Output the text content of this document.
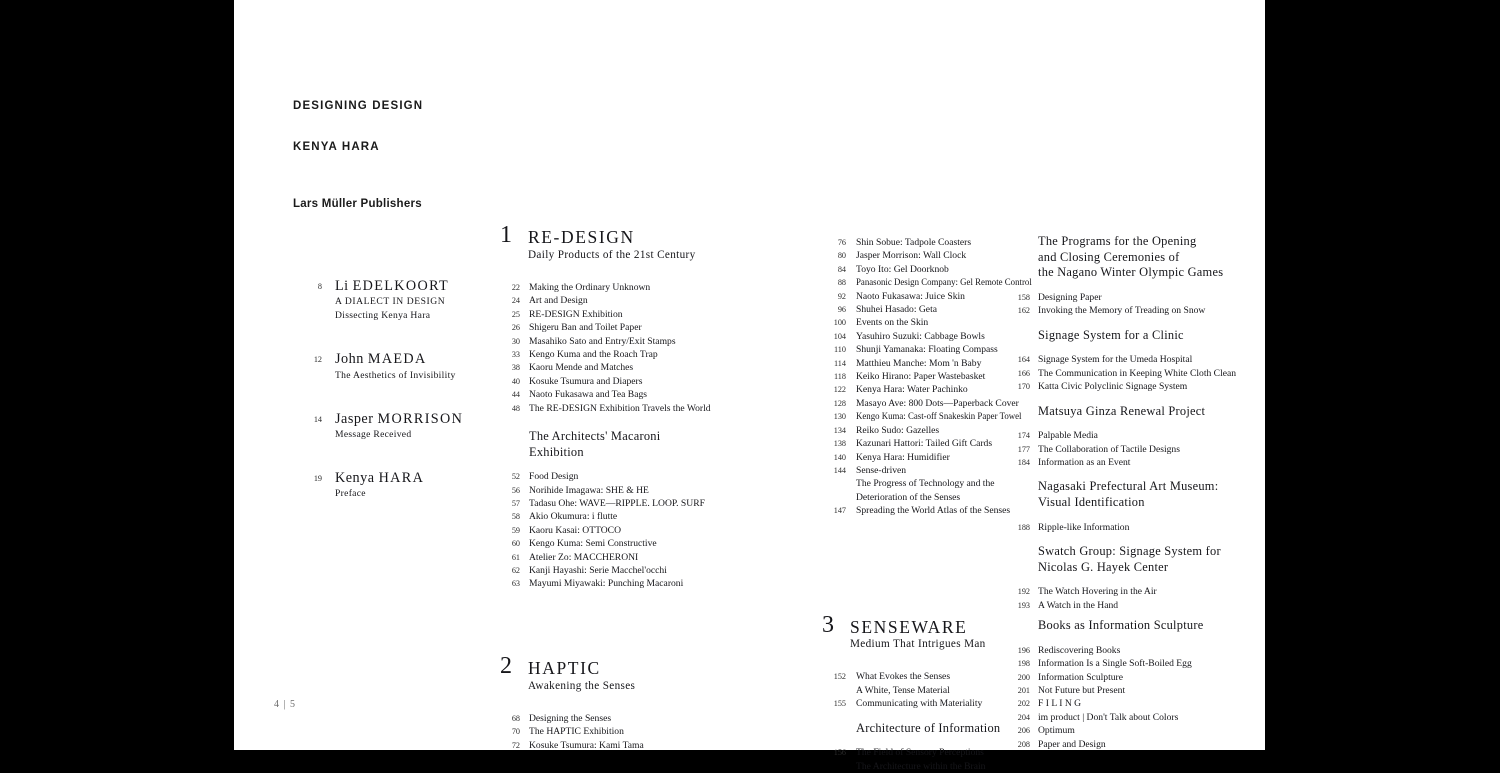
DESIGNING DESIGN
KENYA HARA
Lars Müller Publishers
8 Li EDELKOORT
A DIALECT IN DESIGN
Dissecting Kenya Hara
12 John MAEDA
The Aesthetics of Invisibility
14 Jasper MORRISON
Message Received
19 Kenya HARA
Preface
1 RE-DESIGN
Daily Products of the 21st Century
22 Making the Ordinary Unknown
24 Art and Design
25 RE-DESIGN Exhibition
26 Shigeru Ban and Toilet Paper
30 Masahiko Sato and Entry/Exit Stamps
33 Kengo Kuma and the Roach Trap
38 Kaoru Mende and Matches
40 Kosuke Tsumura and Diapers
44 Naoto Fukasawa and Tea Bags
48 The RE-DESIGN Exhibition Travels the World
The Architects' Macaroni Exhibition
52 Food Design
56 Norihide Imagawa: SHE & HE
57 Tadasu Ohe: WAVE—RIPPLE. LOOP. SURF
58 Akio Okumura: i flutte
59 Kaoru Kasai: OTTOCO
60 Kengo Kuma: Semi Constructive
61 Atelier Zo: MACCHERONI
62 Kanji Hayashi: Serie Macchel'occhi
63 Mayumi Miyawaki: Punching Macaroni
2 HAPTIC
Awakening the Senses
68 Designing the Senses
70 The HAPTIC Exhibition
72 Kosuke Tsumura: Kami Tama
76 Shin Sobue: Tadpole Coasters
80 Jasper Morrison: Wall Clock
84 Toyo Ito: Gel Doorknob
88 Panasonic Design Company: Gel Remote Control
92 Naoto Fukasawa: Juice Skin
96 Shuhei Hasado: Geta
100 Events on the Skin
104 Yasuhiro Suzuki: Cabbage Bowls
110 Shunji Yamanaka: Floating Compass
114 Matthieu Manche: Mom 'n Baby
118 Keiko Hirano: Paper Wastebasket
122 Kenya Hara: Water Pachinko
128 Masayo Ave: 800 Dots—Paperback Cover
130 Kengo Kuma: Cast-off Snakeskin Paper Towel
134 Reiko Sudo: Gazelles
138 Kazunari Hattori: Tailed Gift Cards
140 Kenya Hara: Humidifier
144 Sense-driven
The Progress of Technology and the
Deterioration of the Senses
147 Spreading the World Atlas of the Senses
3 SENSEWARE
Medium That Intrigues Man
152 What Evokes the Senses
A White, Tense Material
155 Communicating with Materiality
Architecture of Information
156 The Field of Sensory Perceptions
The Architecture within the Brain
The Programs for the Opening
and Closing Ceremonies of
the Nagano Winter Olympic Games
158 Designing Paper
162 Invoking the Memory of Treading on Snow
Signage System for a Clinic
164 Signage System for the Umeda Hospital
166 The Communication in Keeping White Cloth Clean
170 Katta Civic Polyclinic Signage System
Matsuya Ginza Renewal Project
174 Palpable Media
177 The Collaboration of Tactile Designs
184 Information as an Event
Nagasaki Prefectural Art Museum:
Visual Identification
188 Ripple-like Information
Swatch Group: Signage System for
Nicolas G. Hayek Center
192 The Watch Hovering in the Air
193 A Watch in the Hand
Books as Information Sculpture
196 Rediscovering Books
198 Information Is a Single Soft-Boiled Egg
200 Information Sculpture
201 Not Future but Present
202 F I L I N G
204 im product | Don't Talk about Colors
206 Optimum
208 Paper and Design
4 | 5
